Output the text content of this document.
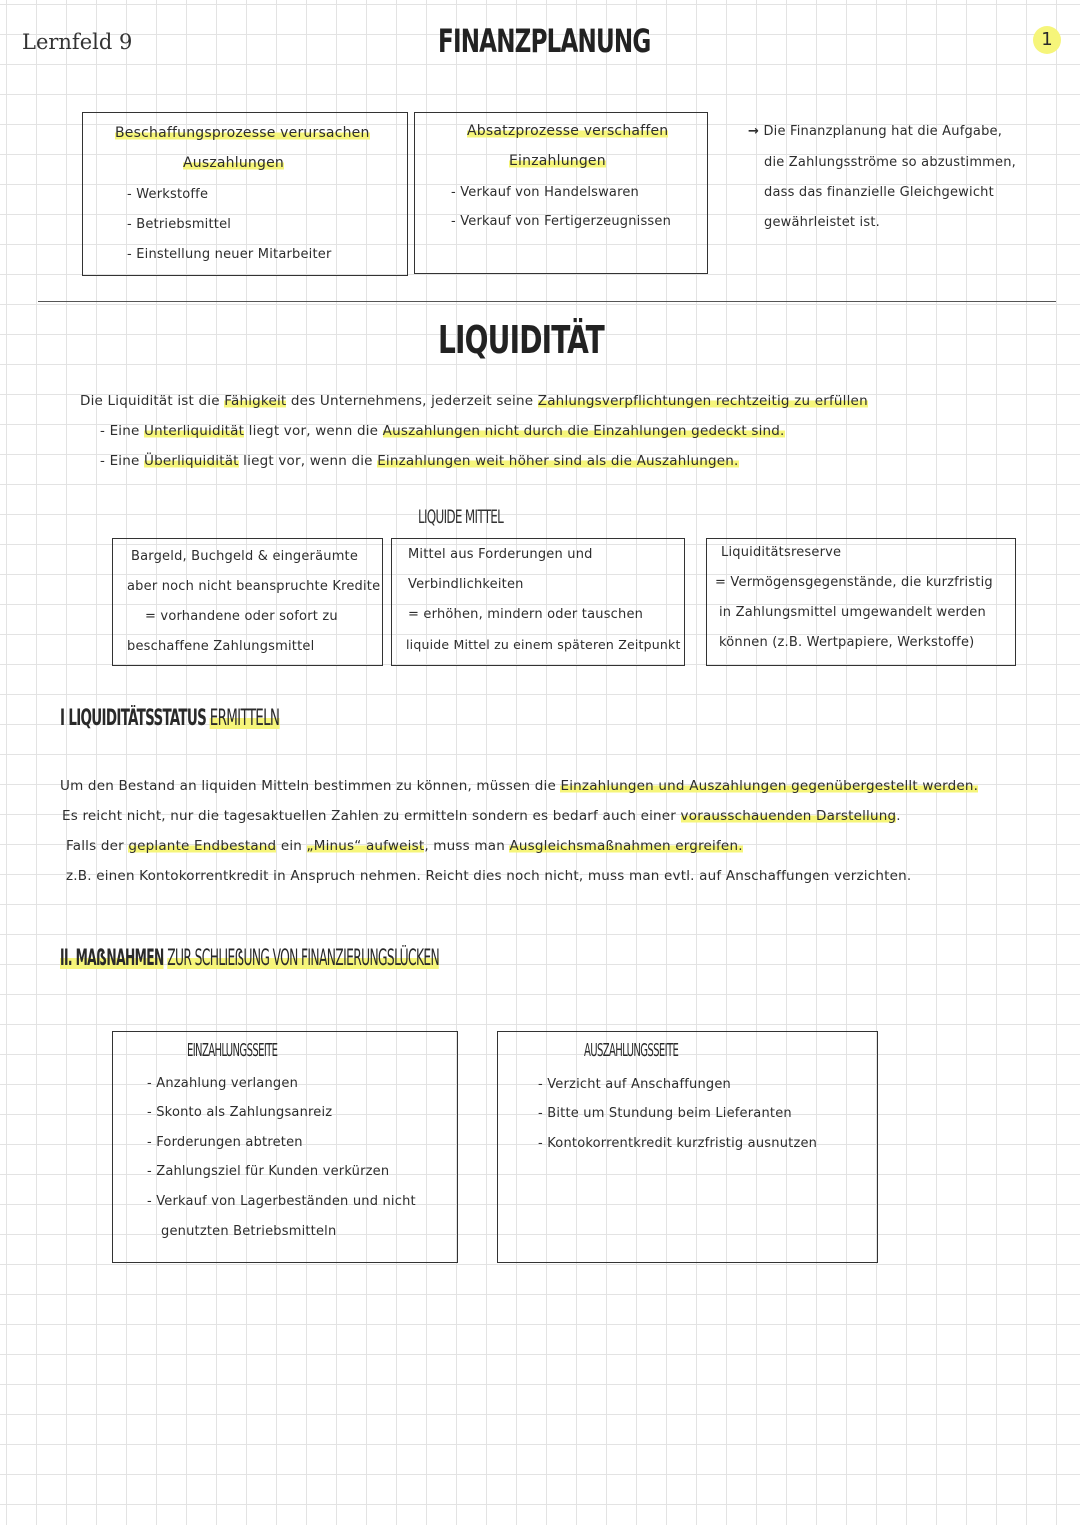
Lernfeld 9	FINANZPLANUNG	1
Beschaffungsprozesse verursachen
Auszahlungen
- Werkstoffe
- Betriebsmittel
- Einstellung neuer Mitarbeiter
Absatzprozesse verschaffen
Einzahlungen
- Verkauf von Handelswaren
- Verkauf von Fertigerzeugnissen
→ Die Finanzplanung hat die Aufgabe,
die Zahlungsströme so abzustimmen,
dass das finanzielle Gleichgewicht
gewährleistet ist.
LIQUIDITÄT
Die Liquidität ist die Fähigkeit des Unternehmens, jederzeit seine Zahlungsverpflichtungen rechtzeitig zu erfüllen
- Eine Unterliquidität liegt vor, wenn die Auszahlungen nicht durch die Einzahlungen gedeckt sind.
- Eine Überliquidität liegt vor, wenn die Einzahlungen weit höher sind als die Auszahlungen.
LIQUIDE MITTEL
Bargeld, Buchgeld & eingeräumte
aber noch nicht beanspruchte Kredite
= vorhandene oder sofort zu
beschaffene Zahlungsmittel
Mittel aus Forderungen und
Verbindlichkeiten
= erhöhen, mindern oder tauschen
liquide Mittel zu einem späteren Zeitpunkt
Liquiditätsreserve
= Vermögensgegenstände, die kurzfristig
in Zahlungsmittel umgewandelt werden
können (z.B. Wertpapiere, Werkstoffe)
I LIQUIDITÄTSSTATUS ERMITTELN
Um den Bestand an liquiden Mitteln bestimmen zu können, müssen die Einzahlungen und Auszahlungen gegenübergestellt werden.
Es reicht nicht, nur die tagesaktuellen Zahlen zu ermitteln sondern es bedarf auch einer vorausschauenden Darstellung.
Falls der geplante Endbestand ein „Minus“ aufweist, muss man Ausgleichsmaßnahmen ergreifen.
z.B. einen Kontokorrentkredit in Anspruch nehmen. Reicht dies noch nicht, muss man evtl. auf Anschaffungen verzichten.
II. MAẞNAHMEN ZUR SCHLIEẞUNG VON FINANZIERUNGSLÜCKEN
EINZAHLUNGSSEITE
- Anzahlung verlangen
- Skonto als Zahlungsanreiz
- Forderungen abtreten
- Zahlungsziel für Kunden verkürzen
- Verkauf von Lagerbeständen und nicht
genutzten Betriebsmitteln
AUSZAHLUNGSSEITE
- Verzicht auf Anschaffungen
- Bitte um Stundung beim Lieferanten
- Kontokorrentkredit kurzfristig ausnutzen
